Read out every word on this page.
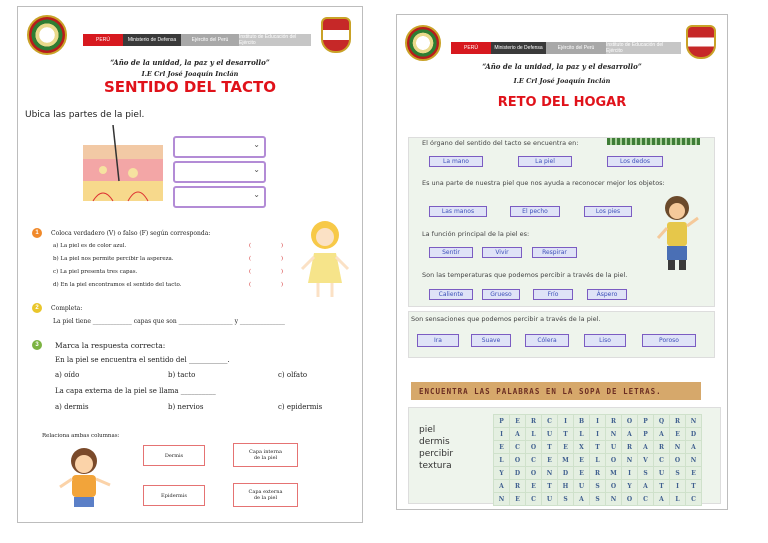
PERÚ	Ministerio de Defensa	Ejército del Perú	Instituto de Educación del Ejército
“Año de la unidad, la paz y el desarrollo”
I.E Crl José Joaquín Inclán
SENTIDO DEL TACTO
Ubica las partes de la piel.
⌄
⌄
⌄
1	Coloca verdadero (V) o falso (F) según corresponda:
a) La piel es de color azul.	( )
b) La piel nos permite percibir la aspereza.	( )
c) La piel presenta tres capas.	( )
d) En la piel encontramos el sentido del tacto.	( )
2	Completa:
La piel tiene _____________ capas que son __________________ y _______________
3	Marca la respuesta correcta:
En la piel se encuentra el sentido del ___________.
a) oído	b) tacto	c) olfato
La capa externa de la piel se llama __________
a) dermis	b) nervios	c) epidermis
Relaciona ambas columnas:
Dermis
Epidermis
Capa interna
de la piel
Capa externa
de la piel
PERÚ	Ministerio de Defensa	Ejército del Perú	Instituto de Educación del Ejército
“Año de la unidad, la paz y el desarrollo”
I.E Crl José Joaquín Inclán
RETO DEL HOGAR
El órgano del sentido del tacto se encuentra en:
La mano	La piel	Los dedos
Es una parte de nuestra piel que nos ayuda a reconocer mejor los objetos:
Las manos	El pecho	Los pies
La función principal de la piel es:
Sentir	Vivir	Respirar
Son las temperaturas que podemos percibir a través de la piel.
Caliente	Grueso	Frío	Áspero
Son sensaciones que podemos percibir a través de la piel.
Ira	Suave	Cólera	Liso	Poroso
ENCUENTRA LAS PALABRAS EN LA SOPA DE LETRAS.
piel
dermis
percibir
textura
P	E	R	C	I	B	I	R	O	P	Q	R	N
I	A	L	U	T	L	I	N	A	P	A	E	D
E	C	O	T	E	X	T	U	R	A	R	N	A
L	O	C	E	M	E	L	O	N	V	C	O	N
Y	D	O	N	D	E	R	M	I	S	U	S	E
A	R	E	T	H	U	S	O	Y	A	T	I	T
N	E	C	U	S	A	S	N	O	C	A	L	C
